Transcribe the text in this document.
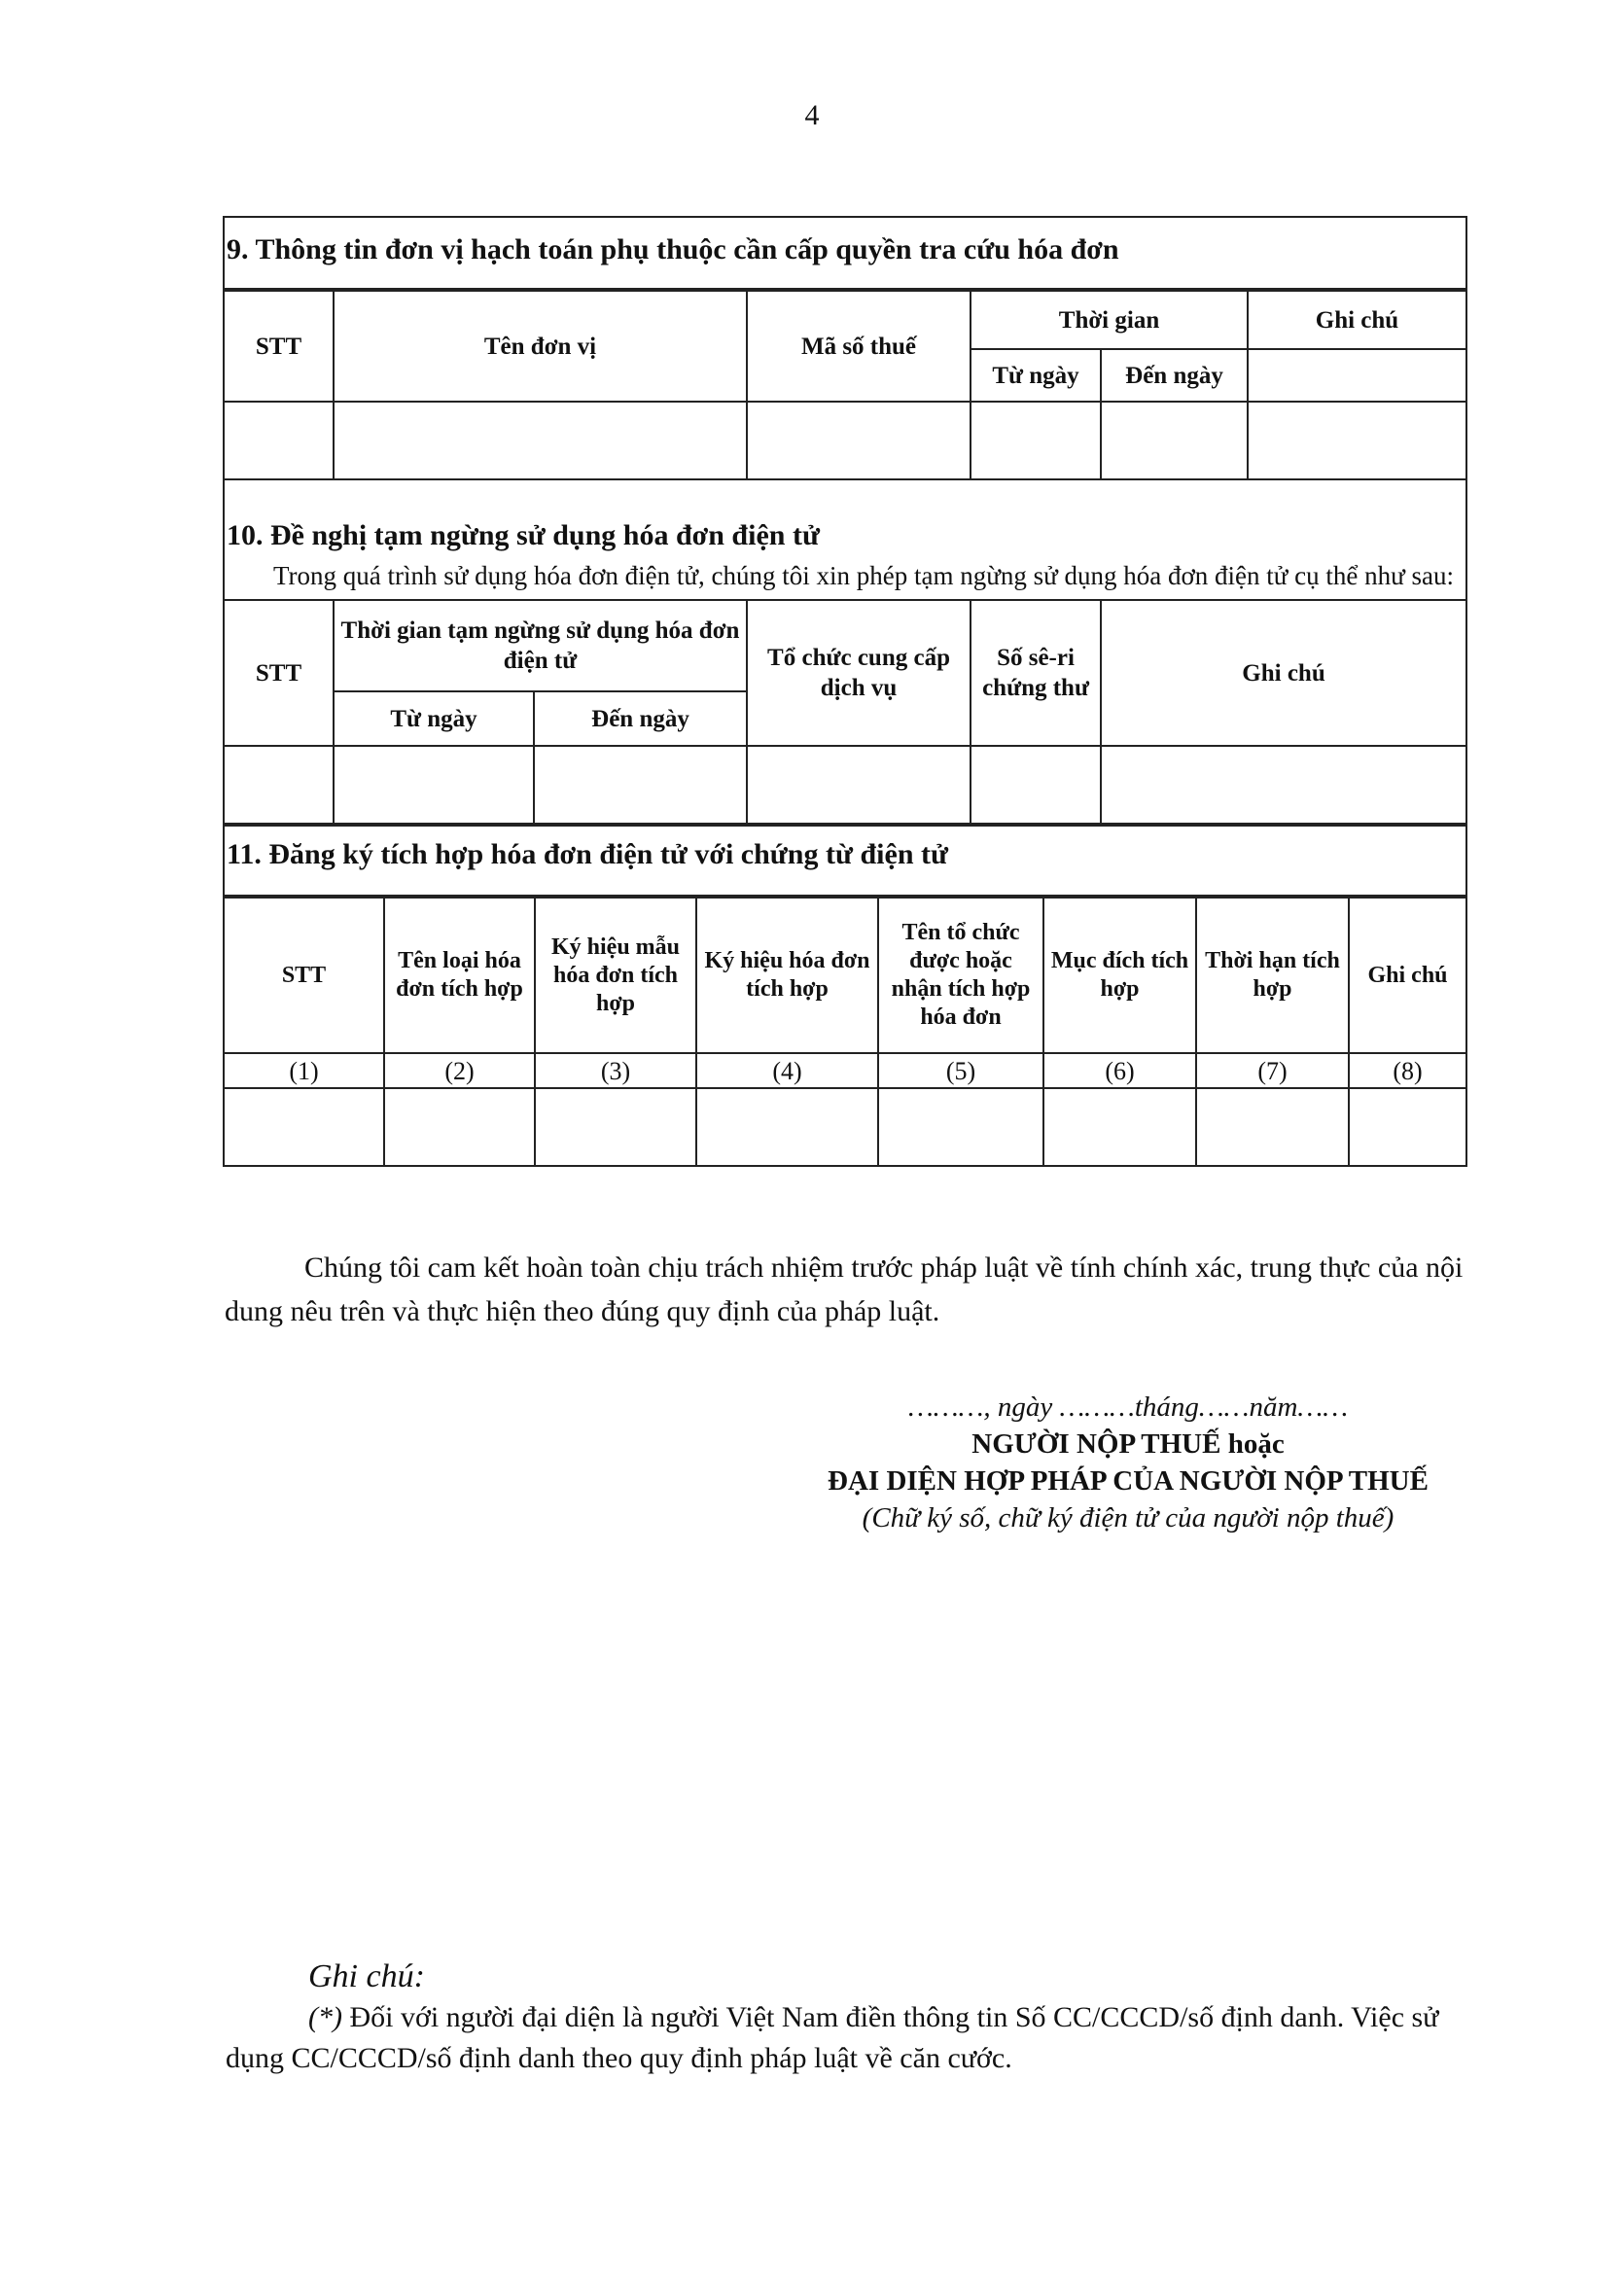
4
9. Thông tin đơn vị hạch toán phụ thuộc cần cấp quyền tra cứu hóa đơn
STT	Tên đơn vị	Mã số thuế	Thời gian		Ghi chú
			Từ ngày	Đến ngày	

10. Đề nghị tạm ngừng sử dụng hóa đơn điện tử
Trong quá trình sử dụng hóa đơn điện tử, chúng tôi xin phép tạm ngừng sử dụng hóa đơn điện tử cụ thể như sau:
STT	Thời gian tạm ngừng sử dụng hóa đơn điện tử		Tổ chức cung cấp dịch vụ	Số sê-ri chứng thư	Ghi chú
	Từ ngày	Đến ngày			

11. Đăng ký tích hợp hóa đơn điện tử với chứng từ điện tử
STT	Tên loại hóa đơn tích hợp	Ký hiệu mẫu hóa đơn tích hợp	Ký hiệu hóa đơn tích hợp	Tên tổ chức được hoặc nhận tích hợp hóa đơn	Mục đích tích hợp	Thời hạn tích hợp	Ghi chú
(1)	(2)	(3)	(4)	(5)	(6)	(7)	(8)

Chúng tôi cam kết hoàn toàn chịu trách nhiệm trước pháp luật về tính chính xác, trung thực của nội dung nêu trên và thực hiện theo đúng quy định của pháp luật.
………, ngày ………tháng……năm……
NGƯỜI NỘP THUẾ hoặc
ĐẠI DIỆN HỢP PHÁP CỦA NGƯỜI NỘP THUẾ
(Chữ ký số, chữ ký điện tử của người nộp thuế)
Ghi chú:
(*) Đối với người đại diện là người Việt Nam điền thông tin Số CC/CCCD/số định danh. Việc sử dụng CC/CCCD/số định danh theo quy định pháp luật về căn cước.
